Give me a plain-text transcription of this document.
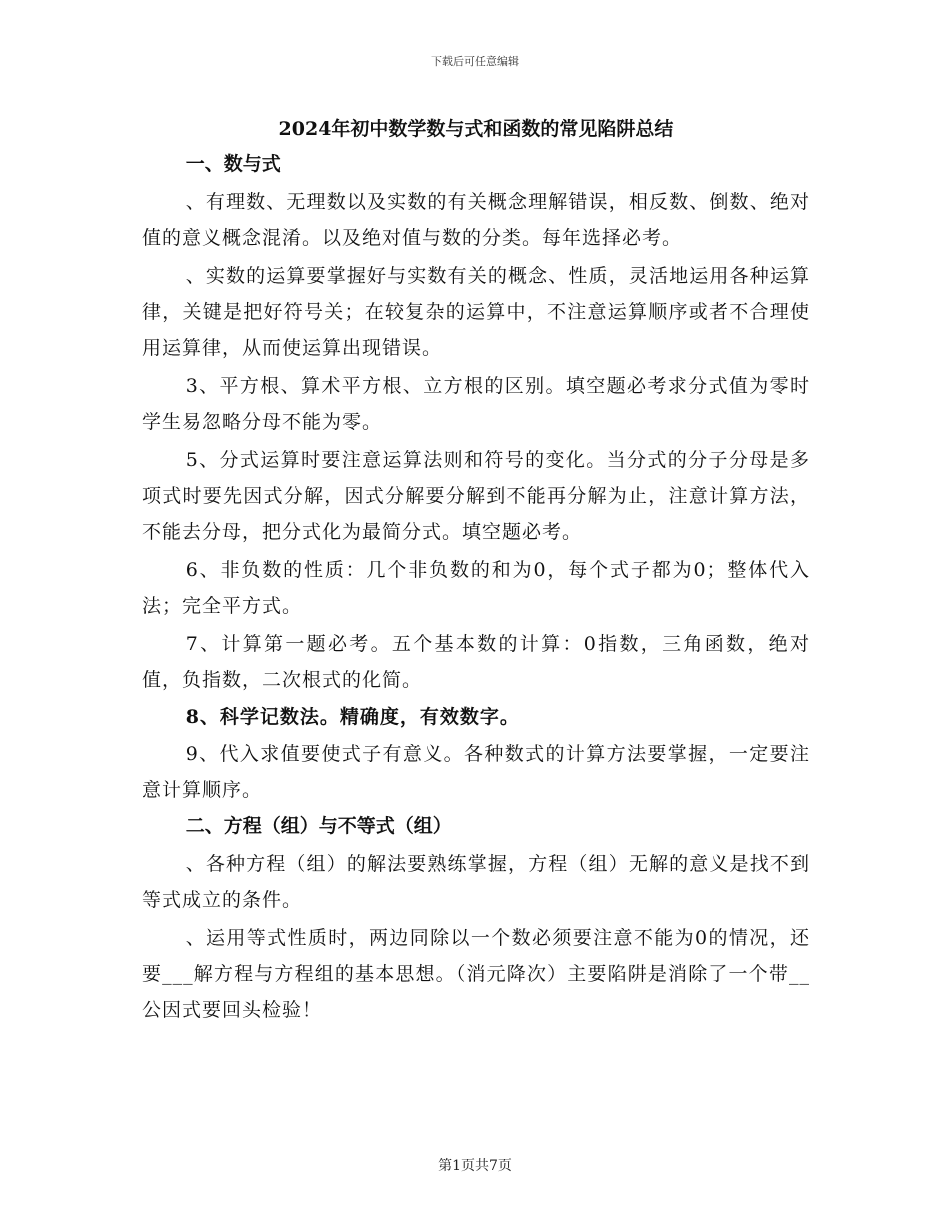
下载后可任意编辑
2024年初中数学数与式和函数的常见陷阱总结
一、数与式

、有理数、无理数以及实数的有关概念理解错误，相反数、倒数、绝对值的意义概念混淆。以及绝对值与数的分类。每年选择必考。

、实数的运算要掌握好与实数有关的概念、性质，灵活地运用各种运算律，关键是把好符号关；在较复杂的运算中，不注意运算顺序或者不合理使用运算律，从而使运算出现错误。

3、平方根、算术平方根、立方根的区别。填空题必考求分式值为零时学生易忽略分母不能为零。

5、分式运算时要注意运算法则和符号的变化。当分式的分子分母是多项式时要先因式分解，因式分解要分解到不能再分解为止，注意计算方法，不能去分母，把分式化为最简分式。填空题必考。

6、非负数的性质：几个非负数的和为0，每个式子都为0；整体代入法；完全平方式。

7、计算第一题必考。五个基本数的计算：0指数，三角函数，绝对值，负指数，二次根式的化简。

8、科学记数法。精确度，有效数字。

9、代入求值要使式子有意义。各种数式的计算方法要掌握，一定要注意计算顺序。

二、方程（组）与不等式（组）

、各种方程（组）的解法要熟练掌握，方程（组）无解的意义是找不到等式成立的条件。

、运用等式性质时，两边同除以一个数必须要注意不能为0的情况，还要___解方程与方程组的基本思想。（消元降次）主要陷阱是消除了一个带__公因式要回头检验！

第1页共7页
